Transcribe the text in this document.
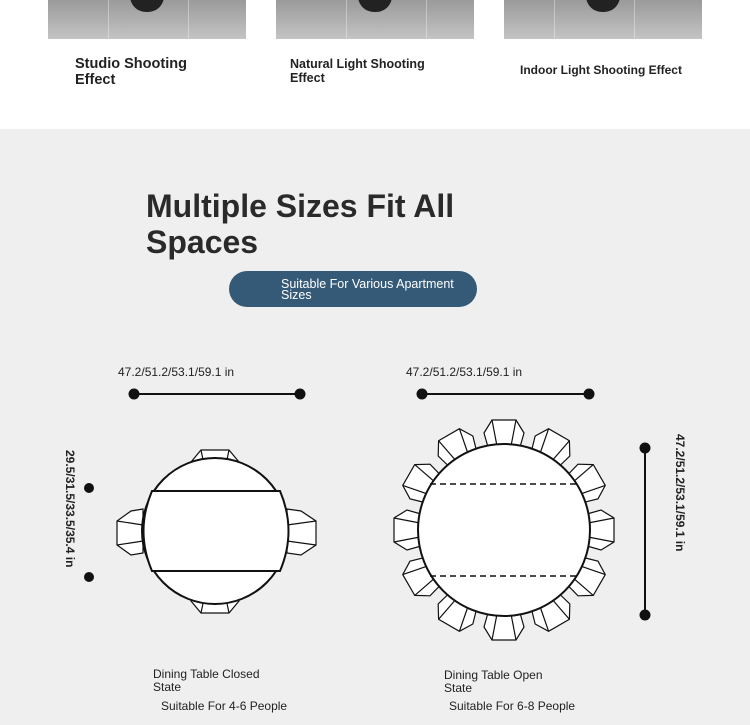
Studio Shooting Effect
Natural Light Shooting Effect
Indoor Light Shooting Effect
Multiple Sizes Fit All Spaces
Suitable For Various Apartment Sizes
47.2/51.2/53.1/59.1 in	47.2/51.2/53.1/59.1 in
29.5/31.5/33.5/35.4 in	47.2/51.2/53.1/59.1 in
Dining Table Closed State
Suitable For 4-6 People
Dining Table Open State
Suitable For 6-8 People
